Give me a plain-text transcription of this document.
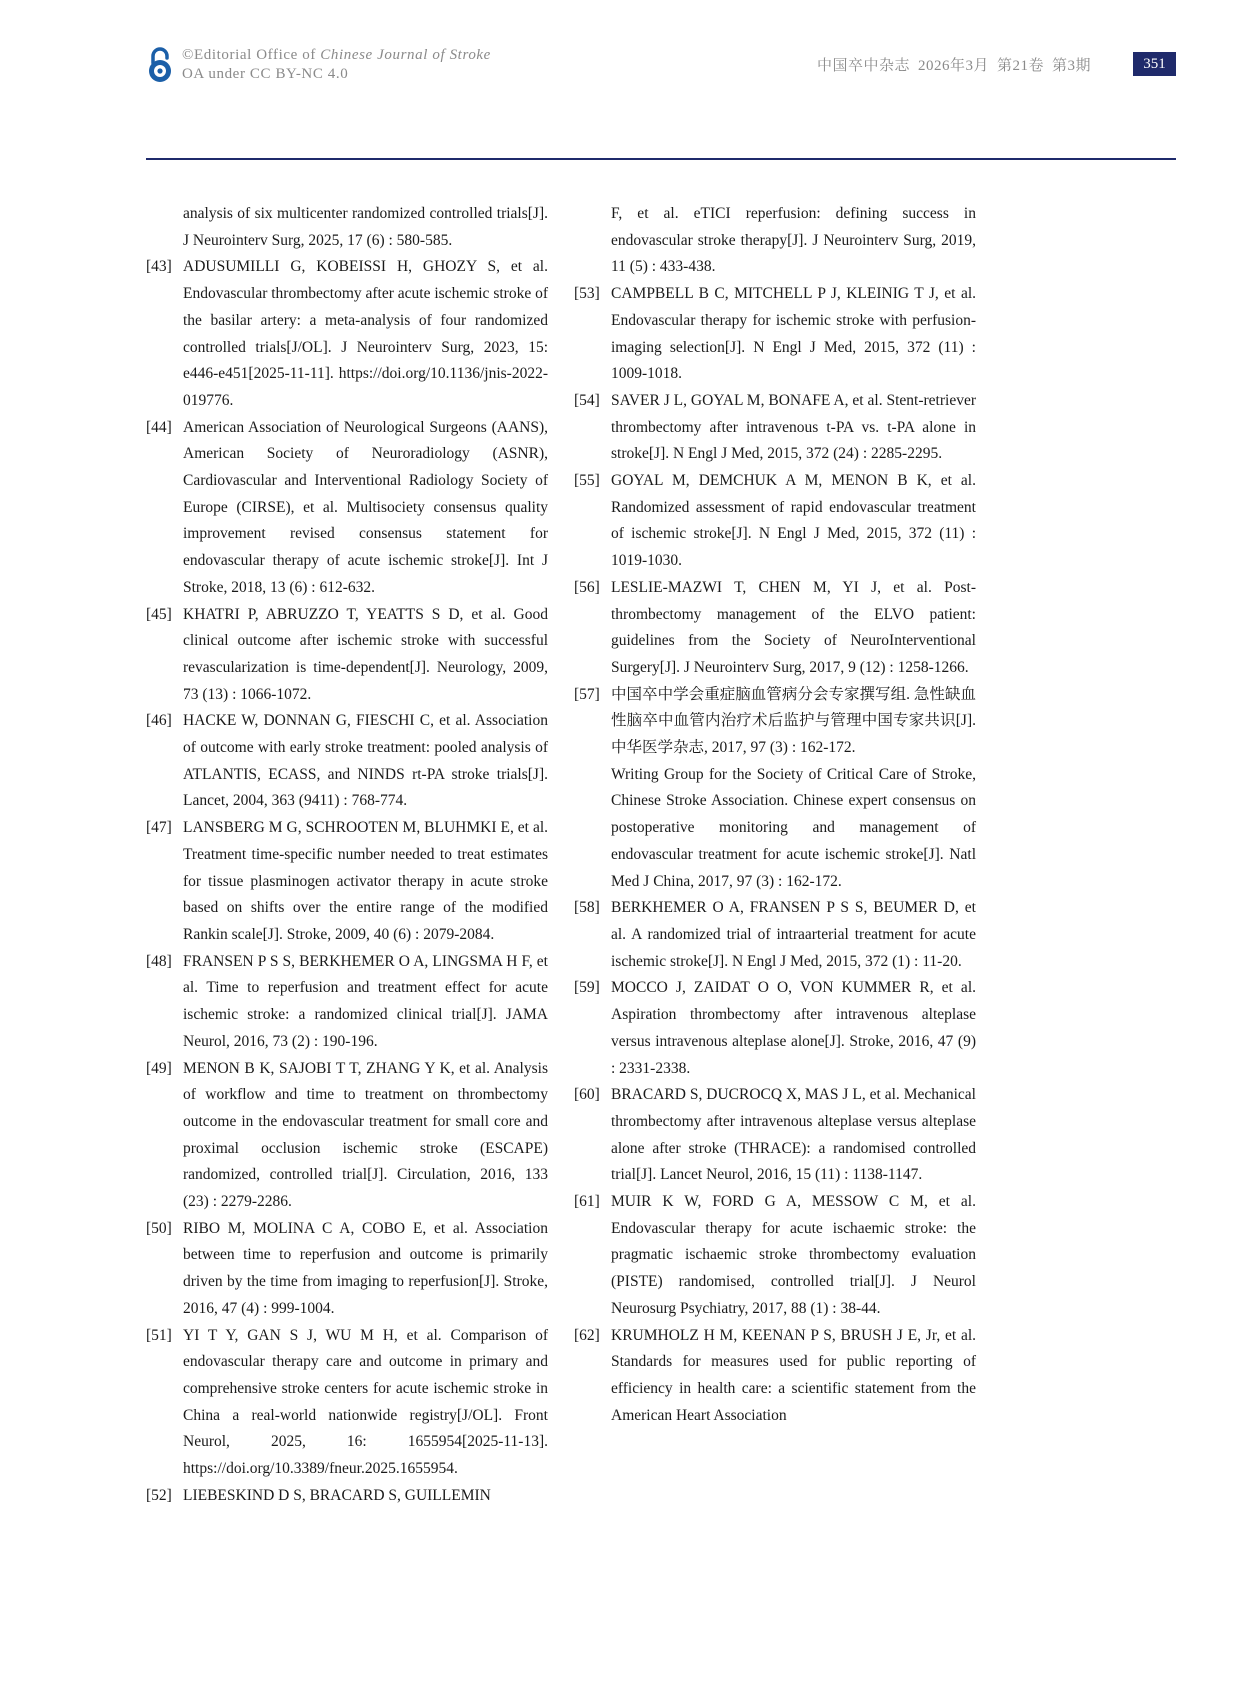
©Editorial Office of Chinese Journal of Stroke
OA under CC BY-NC 4.0	中国卒中杂志 2026年3月 第21卷 第3期	351
analysis of six multicenter randomized controlled trials[J]. J Neurointerv Surg, 2025, 17 (6) : 580-585.
[43] ADUSUMILLI G, KOBEISSI H, GHOZY S, et al. Endovascular thrombectomy after acute ischemic stroke of the basilar artery: a meta-analysis of four randomized controlled trials[J/OL]. J Neurointerv Surg, 2023, 15: e446-e451[2025-11-11]. https://doi.org/10.1136/jnis-2022-019776.
[44] American Association of Neurological Surgeons (AANS), American Society of Neuroradiology (ASNR), Cardiovascular and Interventional Radiology Society of Europe (CIRSE), et al. Multisociety consensus quality improvement revised consensus statement for endovascular therapy of acute ischemic stroke[J]. Int J Stroke, 2018, 13 (6) : 612-632.
[45] KHATRI P, ABRUZZO T, YEATTS S D, et al. Good clinical outcome after ischemic stroke with successful revascularization is time-dependent[J]. Neurology, 2009, 73 (13) : 1066-1072.
[46] HACKE W, DONNAN G, FIESCHI C, et al. Association of outcome with early stroke treatment: pooled analysis of ATLANTIS, ECASS, and NINDS rt-PA stroke trials[J]. Lancet, 2004, 363 (9411) : 768-774.
[47] LANSBERG M G, SCHROOTEN M, BLUHMKI E, et al. Treatment time-specific number needed to treat estimates for tissue plasminogen activator therapy in acute stroke based on shifts over the entire range of the modified Rankin scale[J]. Stroke, 2009, 40 (6) : 2079-2084.
[48] FRANSEN P S S, BERKHEMER O A, LINGSMA H F, et al. Time to reperfusion and treatment effect for acute ischemic stroke: a randomized clinical trial[J]. JAMA Neurol, 2016, 73 (2) : 190-196.
[49] MENON B K, SAJOBI T T, ZHANG Y K, et al. Analysis of workflow and time to treatment on thrombectomy outcome in the endovascular treatment for small core and proximal occlusion ischemic stroke (ESCAPE) randomized, controlled trial[J]. Circulation, 2016, 133 (23) : 2279-2286.
[50] RIBO M, MOLINA C A, COBO E, et al. Association between time to reperfusion and outcome is primarily driven by the time from imaging to reperfusion[J]. Stroke, 2016, 47 (4) : 999-1004.
[51] YI T Y, GAN S J, WU M H, et al. Comparison of endovascular therapy care and outcome in primary and comprehensive stroke centers for acute ischemic stroke in China a real-world nationwide registry[J/OL]. Front Neurol, 2025, 16: 1655954[2025-11-13]. https://doi.org/10.3389/fneur.2025.1655954.
[52] LIEBESKIND D S, BRACARD S, GUILLEMIN
F, et al. eTICI reperfusion: defining success in endovascular stroke therapy[J]. J Neurointerv Surg, 2019, 11 (5) : 433-438.
[53] CAMPBELL B C, MITCHELL P J, KLEINIG T J, et al. Endovascular therapy for ischemic stroke with perfusion-imaging selection[J]. N Engl J Med, 2015, 372 (11) : 1009-1018.
[54] SAVER J L, GOYAL M, BONAFE A, et al. Stent-retriever thrombectomy after intravenous t-PA vs. t-PA alone in stroke[J]. N Engl J Med, 2015, 372 (24) : 2285-2295.
[55] GOYAL M, DEMCHUK A M, MENON B K, et al. Randomized assessment of rapid endovascular treatment of ischemic stroke[J]. N Engl J Med, 2015, 372 (11) : 1019-1030.
[56] LESLIE-MAZWI T, CHEN M, YI J, et al. Post-thrombectomy management of the ELVO patient: guidelines from the Society of NeuroInterventional Surgery[J]. J Neurointerv Surg, 2017, 9 (12) : 1258-1266.
[57] 中国卒中学会重症脑血管病分会专家撰写组. 急性缺血性脑卒中血管内治疗术后监护与管理中国专家共识[J]. 中华医学杂志, 2017, 97 (3) : 162-172.
Writing Group for the Society of Critical Care of Stroke, Chinese Stroke Association. Chinese expert consensus on postoperative monitoring and management of endovascular treatment for acute ischemic stroke[J]. Natl Med J China, 2017, 97 (3) : 162-172.
[58] BERKHEMER O A, FRANSEN P S S, BEUMER D, et al. A randomized trial of intraarterial treatment for acute ischemic stroke[J]. N Engl J Med, 2015, 372 (1) : 11-20.
[59] MOCCO J, ZAIDAT O O, VON KUMMER R, et al. Aspiration thrombectomy after intravenous alteplase versus intravenous alteplase alone[J]. Stroke, 2016, 47 (9) : 2331-2338.
[60] BRACARD S, DUCROCQ X, MAS J L, et al. Mechanical thrombectomy after intravenous alteplase versus alteplase alone after stroke (THRACE): a randomised controlled trial[J]. Lancet Neurol, 2016, 15 (11) : 1138-1147.
[61] MUIR K W, FORD G A, MESSOW C M, et al. Endovascular therapy for acute ischaemic stroke: the pragmatic ischaemic stroke thrombectomy evaluation (PISTE) randomised, controlled trial[J]. J Neurol Neurosurg Psychiatry, 2017, 88 (1) : 38-44.
[62] KRUMHOLZ H M, KEENAN P S, BRUSH J E, Jr, et al. Standards for measures used for public reporting of efficiency in health care: a scientific statement from the American Heart Association
